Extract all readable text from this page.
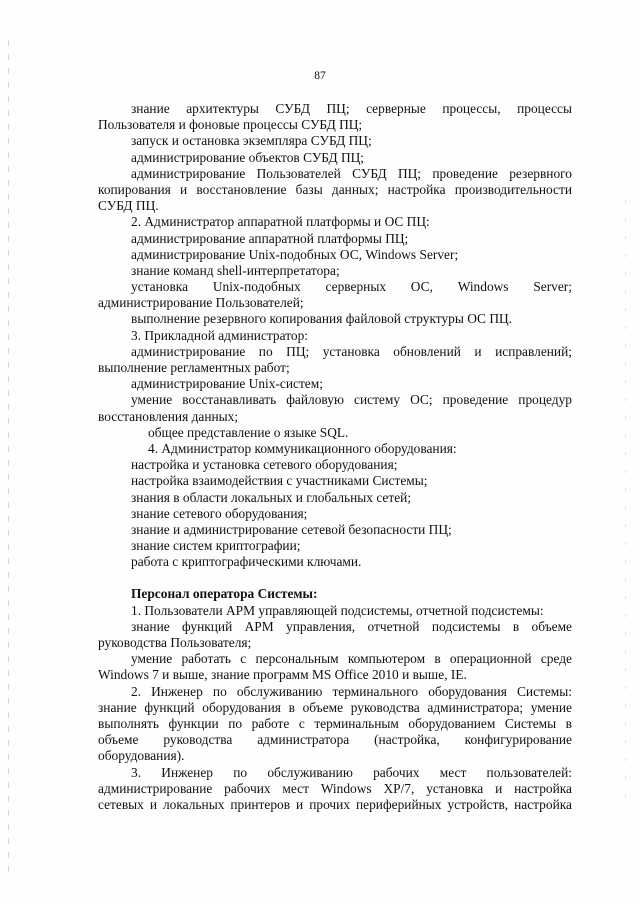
87
знание архитектуры СУБД ПЦ; серверные процессы, процессы
Пользователя и фоновые процессы СУБД ПЦ;
запуск и остановка экземпляра СУБД ПЦ;
администрирование объектов СУБД ПЦ;
администрирование Пользователей СУБД ПЦ; проведение резервного
копирования и восстановление базы данных; настройка производительности
СУБД ПЦ.
2. Администратор аппаратной платформы и ОС ПЦ:
администрирование аппаратной платформы ПЦ;
администрирование Unix-подобных ОС, Windows Server;
знание команд shell-интерпретатора;
установка Unix-подобных серверных ОС, Windows Server;
администрирование Пользователей;
выполнение резервного копирования файловой структуры ОС ПЦ.
3. Прикладной администратор:
администрирование по ПЦ; установка обновлений и исправлений;
выполнение регламентных работ;
администрирование Unix-систем;
умение восстанавливать файловую систему ОС; проведение процедур
восстановления данных;
общее представление о языке SQL.
4. Администратор коммуникационного оборудования:
настройка и установка сетевого оборудования;
настройка взаимодействия с участниками Системы;
знания в области локальных и глобальных сетей;
знание сетевого оборудования;
знание и администрирование сетевой безопасности ПЦ;
знание систем криптографии;
работа с криптографическими ключами.
Персонал оператора Системы:
1. Пользователи АРМ управляющей подсистемы, отчетной подсистемы:
знание функций АРМ управления, отчетной подсистемы в объеме
руководства Пользователя;
умение работать с персональным компьютером в операционной среде
Windows 7 и выше, знание программ MS Office 2010 и выше, IE.
2. Инженер по обслуживанию терминального оборудования Системы:
знание функций оборудования в объеме руководства администратора; умение
выполнять функции по работе с терминальным оборудованием Системы в
объеме руководства администратора (настройка, конфигурирование
оборудования).
3. Инженер по обслуживанию рабочих мест пользователей:
администрирование рабочих мест Windows XP/7, установка и настройка
сетевых и локальных принтеров и прочих периферийных устройств, настройка
